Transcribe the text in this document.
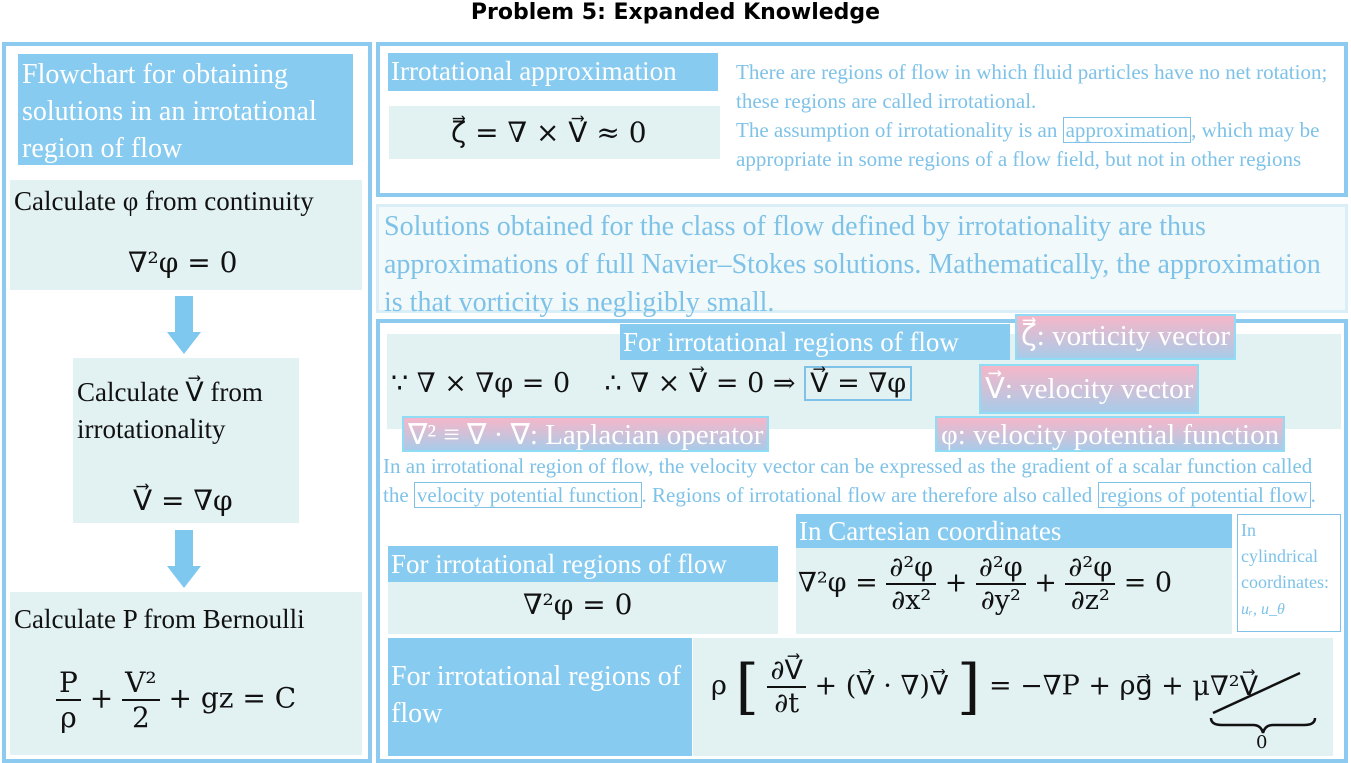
Problem 5: Expanded Knowledge
Flowchart for obtaining solutions in an irrotational region of flow
Calculate φ from continuity
∇²φ = 0
Calculate V⃗ from irrotationality
V⃗ = ∇φ
Calculate P from Bernoulli
$\frac{P}{\rho} + \frac{\text{V²}}{2}$ + gz = C
Irrotational approximation
ζ⃗ = ∇ × V⃗ ≈ 0
There are regions of flow in which fluid particles have no net rotation; these regions are called irrotational.
The assumption of irrotationality is an approximation , which may be appropriate in some regions of a flow field, but not in other regions
Solutions obtained for the class of flow defined by irrotationality are thus approximations of full Navier–Stokes solutions. Mathematically, the approximation is that vorticity is negligibly small.
For irrotational regions of flow	ζ⃗: vorticity vector
∵ ∇ × ∇φ = 0    ∴ ∇ × V⃗ = 0 ⇒ V⃗ = ∇φ	V⃗: velocity vector
∇² ≡ ∇ · ∇: Laplacian operator	φ: velocity potential function
In an irrotational region of flow, the velocity vector can be expressed as the gradient of a scalar function called the velocity potential function . Regions of irrotational flow are therefore also called regions of potential flow .
For irrotational regions of flow
∇²φ = 0
In Cartesian coordinates
$\nabla^2\varphi = \frac{\text{∂²φ}}{\text{∂x²}} + \frac{\text{∂²φ}}{\text{∂y²}} + \frac{\text{∂²φ}}{\text{∂z²}} = 0$
In cylindrical coordinates:
uᵣ, u_θ
For irrotational regions of flow
ρ [ $\frac{\partial V⃗}{\partial t}$ + (V⃗ · ∇)V⃗ ] = −∇P + ρg⃗ + μ∇²V⃗
0
